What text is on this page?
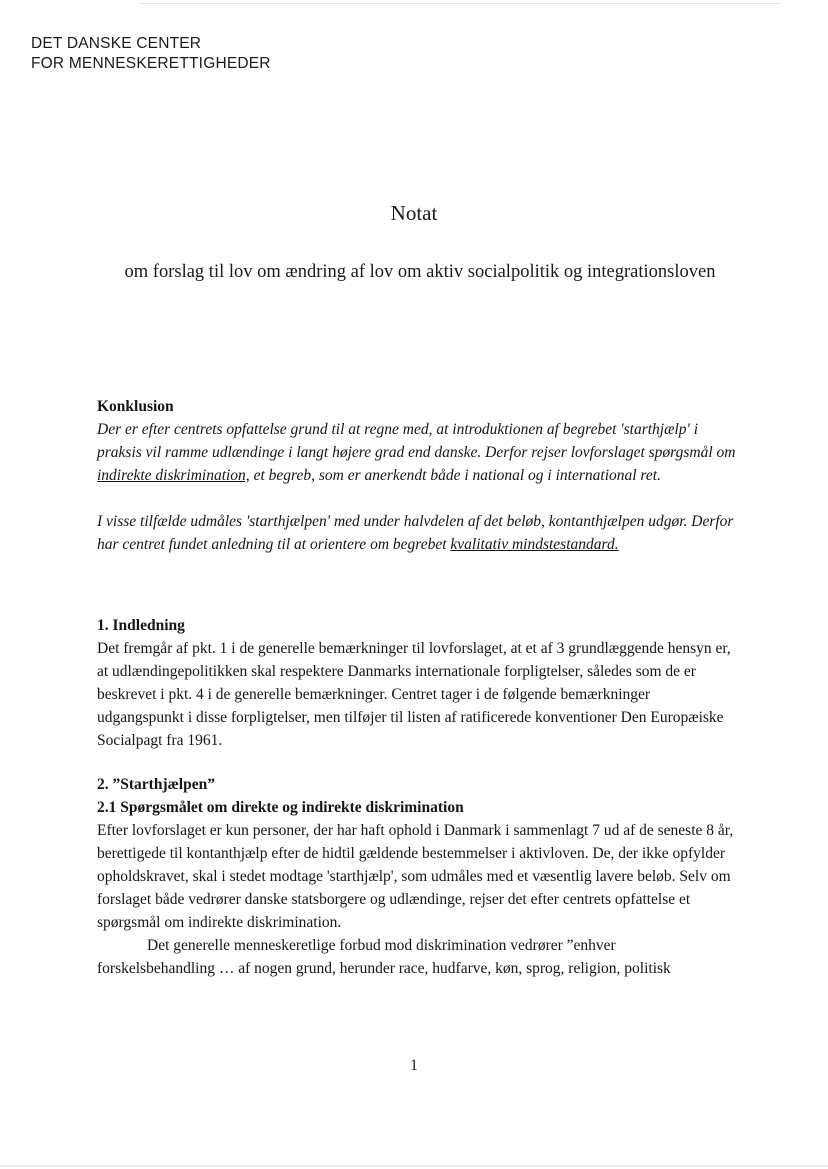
DET DANSKE CENTER
FOR MENNESKERETTIGHEDER
Notat
om forslag til lov om ændring af lov om aktiv socialpolitik og integrationsloven
Konklusion

Der er efter centrets opfattelse grund til at regne med, at introduktionen af begrebet 'starthjælp' i praksis vil ramme udlændinge i langt højere grad end danske. Derfor rejser lovforslaget spørgsmål om indirekte diskrimination, et begreb, som er anerkendt både i national og i international ret.

I visse tilfælde udmåles 'starthjælpen' med under halvdelen af det beløb, kontanthjælpen udgør. Derfor har centret fundet anledning til at orientere om begrebet kvalitativ mindstestandard.

1. Indledning

Det fremgår af pkt. 1 i de generelle bemærkninger til lovforslaget, at et af 3 grundlæggende hensyn er, at udlændingepolitikken skal respektere Danmarks internationale forpligtelser, således som de er beskrevet i pkt. 4 i de generelle bemærkninger. Centret tager i de følgende bemærkninger udgangspunkt i disse forpligtelser, men tilføjer til listen af ratificerede konventioner Den Europæiske Socialpagt fra 1961.

2. ”Starthjælpen”
2.1 Spørgsmålet om direkte og indirekte diskrimination

Efter lovforslaget er kun personer, der har haft ophold i Danmark i sammenlagt 7 ud af de seneste 8 år, berettigede til kontanthjælp efter de hidtil gældende bestemmelser i aktivloven. De, der ikke opfylder opholdskravet, skal i stedet modtage 'starthjælp', som udmåles med et væsentlig lavere beløb. Selv om forslaget både vedrører danske statsborgere og udlændinge, rejser det efter centrets opfattelse et spørgsmål om indirekte diskrimination.

Det generelle menneskeretlige forbud mod diskrimination vedrører ”enhver forskelsbehandling … af nogen grund, herunder race, hudfarve, køn, sprog, religion, politisk

1
